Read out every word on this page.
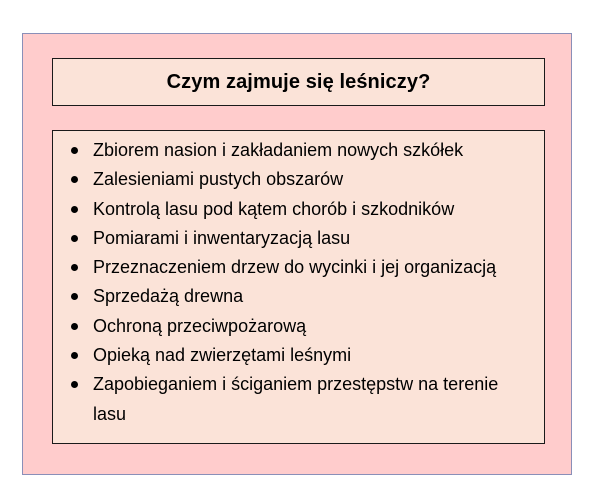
Czym zajmuje się leśniczy?
Zbiorem nasion i zakładaniem nowych szkółek
Zalesieniami pustych obszarów
Kontrolą lasu pod kątem chorób i szkodników
Pomiarami i inwentaryzacją lasu
Przeznaczeniem drzew do wycinki i jej organizacją
Sprzedażą drewna
Ochroną przeciwpożarową
Opieką nad zwierzętami leśnymi
Zapobieganiem i ściganiem przestępstw na terenie lasu
